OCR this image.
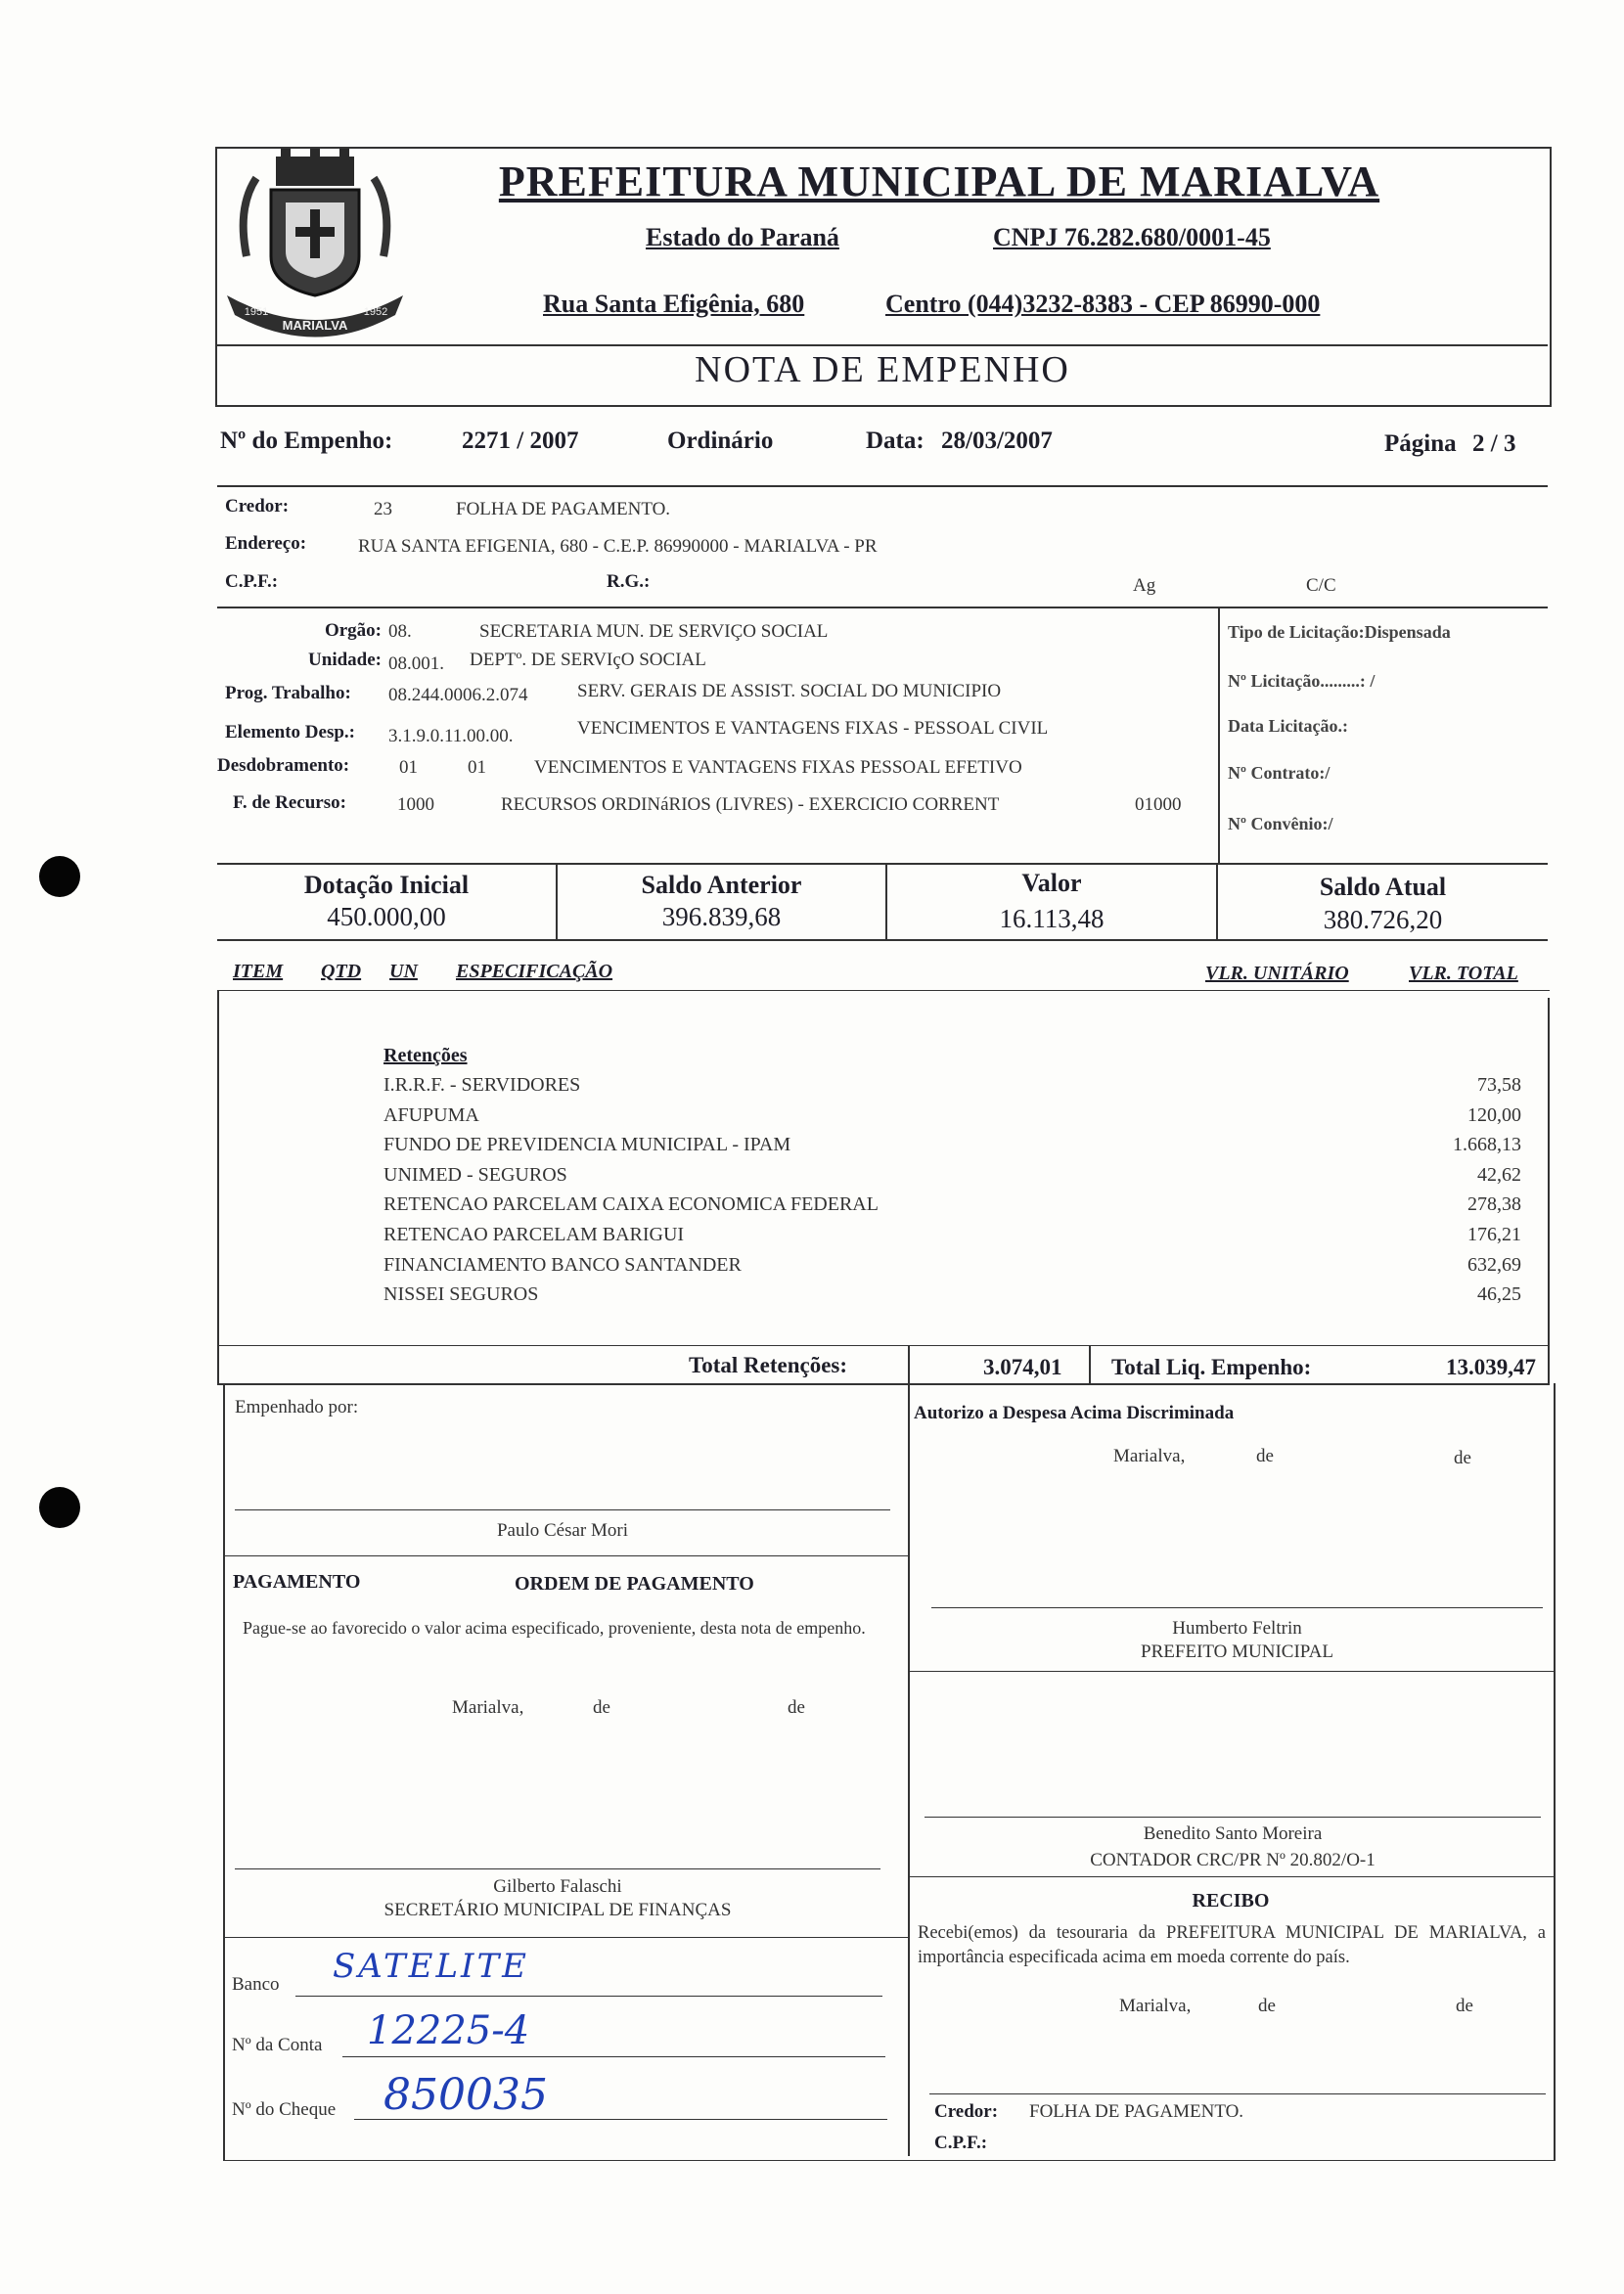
MARIALVA
1951	1952
PREFEITURA MUNICIPAL DE MARIALVA
Estado do Paraná	CNPJ 76.282.680/0001-45
Rua Santa Efigênia, 680	Centro (044)3232-8383 - CEP 86990-000
NOTA DE EMPENHO
Nº do Empenho:	2271 / 2007	Ordinário	Data: 28/03/2007	Página 2 / 3
Credor:	23	FOLHA DE PAGAMENTO.
Endereço:	RUA SANTA EFIGENIA, 680 - C.E.P. 86990000 - MARIALVA - PR
C.P.F.:	R.G.:	Ag	C/C
Orgão: 08.	SECRETARIA MUN. DE SERVIÇO SOCIAL
Unidade: 08.001. DEPTº. DE SERVIçO SOCIAL
Prog. Trabalho: 08.244.0006.2.074	SERV. GERAIS DE ASSIST. SOCIAL DO MUNICIPIO
Elemento Desp.: 3.1.9.0.11.00.00.	VENCIMENTOS E VANTAGENS FIXAS - PESSOAL CIVIL
Desdobramento:	01	01	VENCIMENTOS E VANTAGENS FIXAS PESSOAL EFETIVO
F. de Recurso:	1000	RECURSOS ORDINáRIOS (LIVRES) - EXERCICIO CORRENT	01000
Tipo de Licitação:Dispensada
Nº Licitação.........: /
Data Licitação.:
Nº Contrato:/
Nº Convênio:/
Dotação Inicial
450.000,00
Saldo Anterior
396.839,68
Valor
16.113,48
Saldo Atual
380.726,20
ITEM QTD UN ESPECIFICAÇÃO	VLR. UNITÁRIO	VLR. TOTAL
Retenções
I.R.R.F. - SERVIDORES	73,58
AFUPUMA	120,00
FUNDO DE PREVIDENCIA MUNICIPAL - IPAM	1.668,13
UNIMED - SEGUROS	42,62
RETENCAO PARCELAM CAIXA ECONOMICA FEDERAL	278,38
RETENCAO PARCELAM BARIGUI	176,21
FINANCIAMENTO BANCO SANTANDER	632,69
NISSEI SEGUROS	46,25
Total Retenções:	3.074,01 Total Liq. Empenho:	13.039,47
Empenhado por:
Paulo César Mori
PAGAMENTO	ORDEM DE PAGAMENTO
Pague-se ao favorecido o valor acima especificado, proveniente, desta nota de empenho.
Marialva,	de	de
Gilberto Falaschi
SECRETÁRIO MUNICIPAL DE FINANÇAS
Banco SATELITE
Nº da Conta 12225-4
Nº do Cheque 850035
Autorizo a Despesa Acima Discriminada
Marialva,	de	de
Humberto Feltrin
PREFEITO MUNICIPAL
Benedito Santo Moreira
CONTADOR CRC/PR Nº 20.802/O-1
RECIBO
Recebi(emos) da tesouraria da PREFEITURA MUNICIPAL DE MARIALVA, a importância especificada acima em moeda corrente do país.
Marialva,	de	de
Credor: FOLHA DE PAGAMENTO.
C.P.F.:
